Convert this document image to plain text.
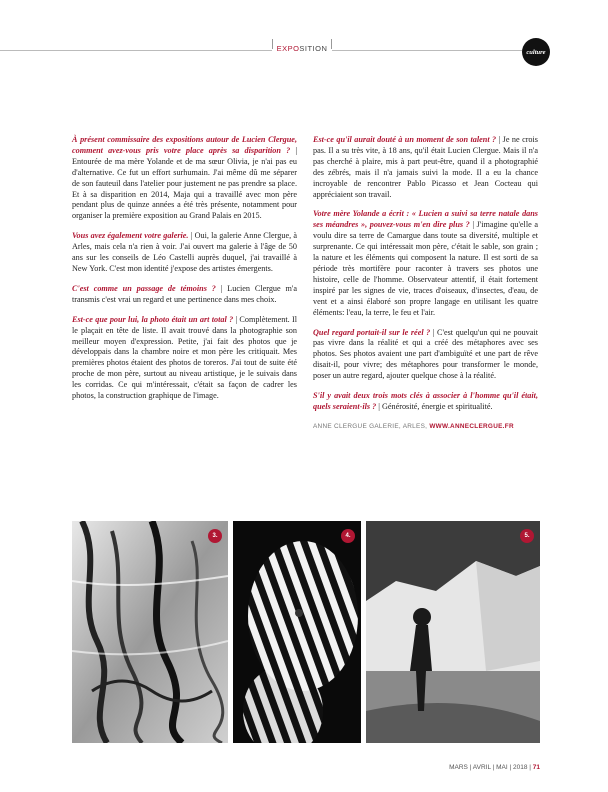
EXPOSITION	culture

À présent commissaire des expositions autour de Lucien Clergue, comment avez-vous pris votre place après sa disparition ? | Entourée de ma mère Yolande et de ma sœur Olivia, je n'ai pas eu d'alternative. Ce fut un effort surhumain. J'ai même dû me séparer de son fauteuil dans l'atelier pour justement ne pas prendre sa place. Et à sa disparition en 2014, Maja qui a travaillé avec mon père pendant plus de quinze années a été très présente, notamment pour organiser la première exposition au Grand Palais en 2015.

Vous avez également votre galerie. | Oui, la galerie Anne Clergue, à Arles, mais cela n'a rien à voir. J'ai ouvert ma galerie à l'âge de 50 ans sur les conseils de Léo Castelli auprès duquel, j'ai travaillé à New York. C'est mon identité j'expose des artistes émergents.

C'est comme un passage de témoins ? | Lucien Clergue m'a transmis c'est vrai un regard et une pertinence dans mes choix.

Est-ce que pour lui, la photo était un art total ? | Complètement. Il le plaçait en tête de liste. Il avait trouvé dans la photographie son meilleur moyen d'expression. Petite, j'ai fait des photos que je développais dans la chambre noire et mon père les critiquait. Mes premières photos étaient des photos de toreros. J'ai tout de suite été proche de mon père, surtout au niveau artistique, je le suivais dans les corridas. Ce qui m'intéressait, c'était sa façon de cadrer les photos, la construction graphique de l'image.

Est-ce qu'il aurait douté à un moment de son talent ? | Je ne crois pas. Il a su très vite, à 18 ans, qu'il était Lucien Clergue. Mais il n'a pas cherché à plaire, mis à part peut-être, quand il a photographié des zébrés, mais il n'a jamais suivi la mode. Il a eu la chance incroyable de rencontrer Pablo Picasso et Jean Cocteau qui appréciaient son travail.

Votre mère Yolande a écrit : « Lucien a suivi sa terre natale dans ses méandres », pouvez-vous m'en dire plus ? | J'imagine qu'elle a voulu dire sa terre de Camargue dans toute sa diversité, multiple et surprenante. Ce qui intéressait mon père, c'était le sable, son grain ; la nature et les éléments qui composent la nature. Il est sorti de sa période très mortifère pour raconter à travers ses photos une histoire, celle de l'homme. Observateur attentif, il était fortement inspiré par les signes de vie, traces d'oiseaux, d'insectes, d'eau, de vent et a ainsi élaboré son propre langage en utilisant les quatre éléments: l'eau, la terre, le feu et l'air.

Quel regard portait-il sur le réel ? | C'est quelqu'un qui ne pouvait pas vivre dans la réalité et qui a créé des métaphores avec ses photos. Ses photos avaient une part d'ambiguïté et une part de rêve disait-il, pour vivre; des métaphores pour transformer le monde, poser un autre regard, ajouter quelque chose à la réalité.

S'il y avait deux trois mots clés à associer à l'homme qu'il était, quels seraient-ils ? | Générosité, énergie et spiritualité.

ANNE CLERGUE GALERIE, ARLES, WWW.ANNECLERGUE.FR

3.	4.	5.
MARS | AVRIL | MAI | 2018 | 71
